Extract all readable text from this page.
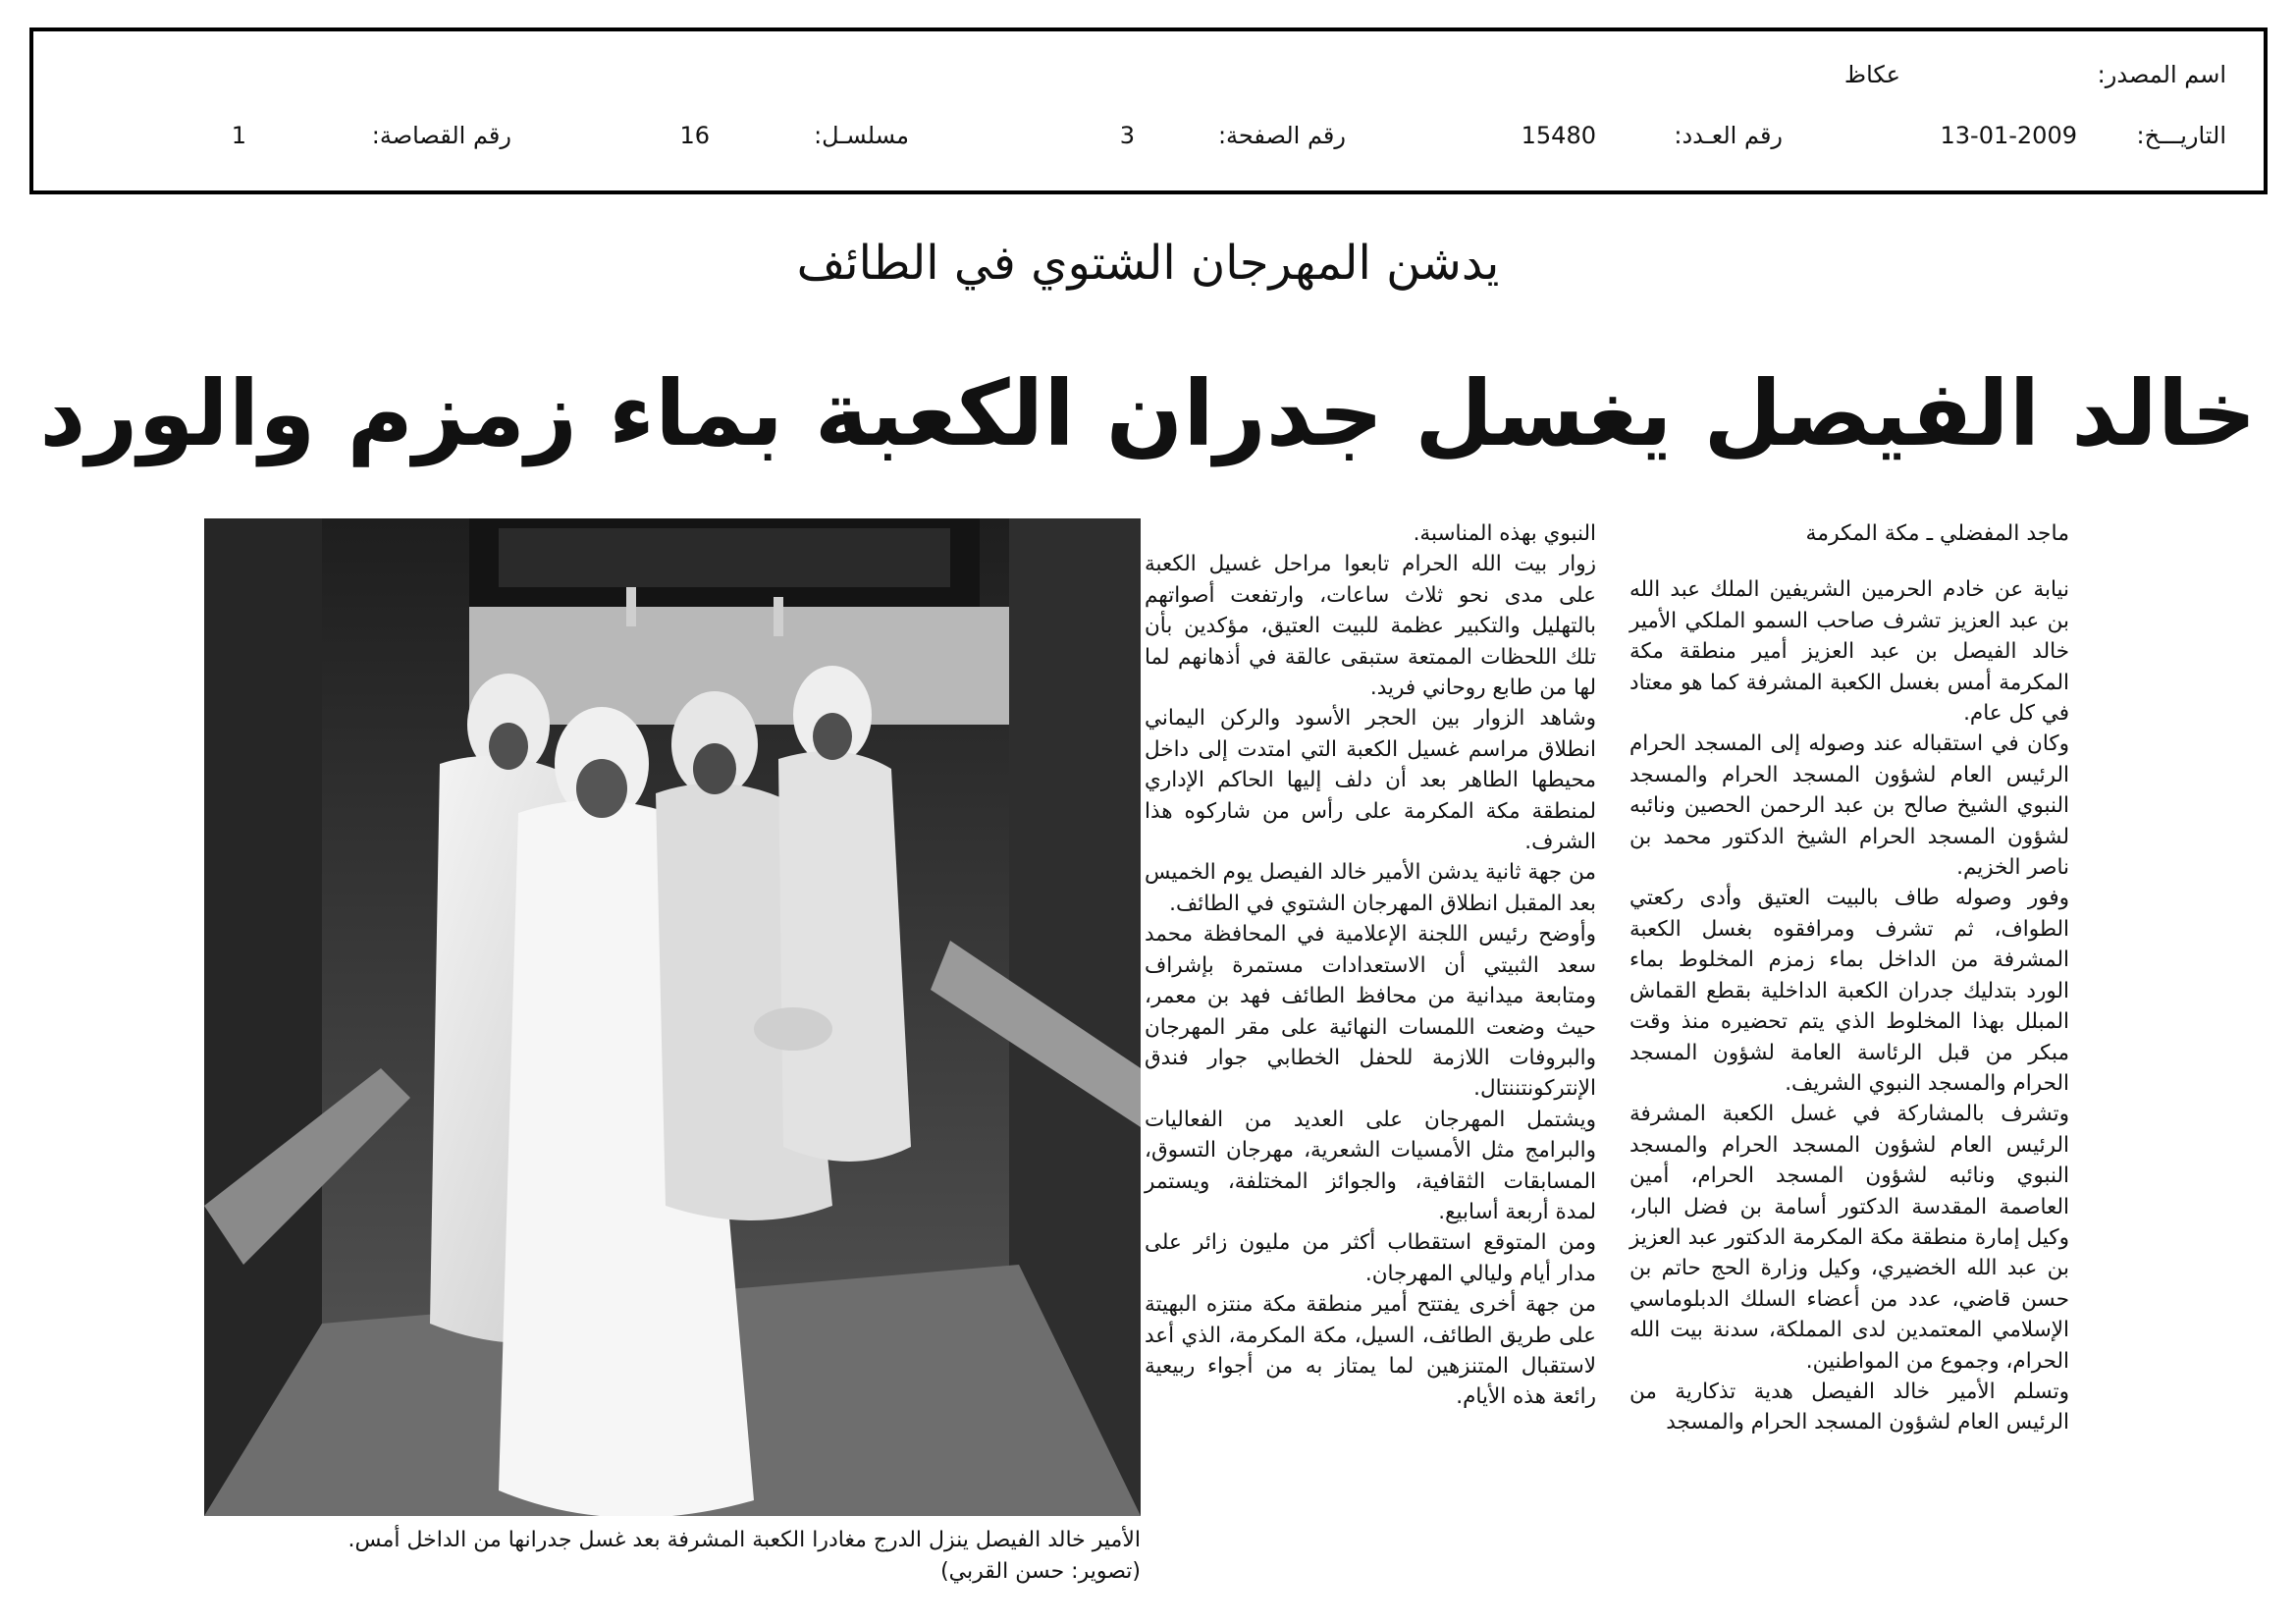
اسم المصدر:
عكاظ
التاريـــخ:
13-01-2009
رقم العـدد:
15480
رقم الصفحة:
3
مسلسـل:
16
رقم القصاصة:
1
يدشن المهرجان الشتوي في الطائف
خالد الفيصل يغسل جدران الكعبة بماء زمزم والورد
ماجد المفضلي ـ مكة المكرمة

نيابة عن خادم الحرمين الشريفين الملك عبد الله بن عبد العزيز تشرف صاحب السمو الملكي الأمير خالد الفيصل بن عبد العزيز أمير منطقة مكة المكرمة أمس بغسل الكعبة المشرفة كما هو معتاد في كل عام.

وكان في استقباله عند وصوله إلى المسجد الحرام الرئيس العام لشؤون المسجد الحرام والمسجد النبوي الشيخ صالح بن عبد الرحمن الحصين ونائبه لشؤون المسجد الحرام الشيخ الدكتور محمد بن ناصر الخزيم.

وفور وصوله طاف بالبيت العتيق وأدى ركعتي الطواف، ثم تشرف ومرافقوه بغسل الكعبة المشرفة من الداخل بماء زمزم المخلوط بماء الورد بتدليك جدران الكعبة الداخلية بقطع القماش المبلل بهذا المخلوط الذي يتم تحضيره منذ وقت مبكر من قبل الرئاسة العامة لشؤون المسجد الحرام والمسجد النبوي الشريف.

وتشرف بالمشاركة في غسل الكعبة المشرفة الرئيس العام لشؤون المسجد الحرام والمسجد النبوي ونائبه لشؤون المسجد الحرام، أمين العاصمة المقدسة الدكتور أسامة بن فضل البار، وكيل إمارة منطقة مكة المكرمة الدكتور عبد العزيز بن عبد الله الخضيري، وكيل وزارة الحج حاتم بن حسن قاضي، عدد من أعضاء السلك الدبلوماسي الإسلامي المعتمدين لدى المملكة، سدنة بيت الله الحرام، وجموع من المواطنين.

وتسلم الأمير خالد الفيصل هدية تذكارية من الرئيس العام لشؤون المسجد الحرام والمسجد

النبوي بهذه المناسبة.

زوار بيت الله الحرام تابعوا مراحل غسيل الكعبة على مدى نحو ثلاث ساعات، وارتفعت أصواتهم بالتهليل والتكبير عظمة للبيت العتيق، مؤكدين بأن تلك اللحظات الممتعة ستبقى عالقة في أذهانهم لما لها من طابع روحاني فريد.

وشاهد الزوار بين الحجر الأسود والركن اليماني انطلاق مراسم غسيل الكعبة التي امتدت إلى داخل محيطها الطاهر بعد أن دلف إليها الحاكم الإداري لمنطقة مكة المكرمة على رأس من شاركوه هذا الشرف.

من جهة ثانية يدشن الأمير خالد الفيصل يوم الخميس بعد المقبل انطلاق المهرجان الشتوي في الطائف.

وأوضح رئيس اللجنة الإعلامية في المحافظة محمد سعد الثبيتي أن الاستعدادات مستمرة بإشراف ومتابعة ميدانية من محافظ الطائف فهد بن معمر، حيث وضعت اللمسات النهائية على مقر المهرجان والبروفات اللازمة للحفل الخطابي جوار فندق الإنتركونتننتال.

ويشتمل المهرجان على العديد من الفعاليات والبرامج مثل الأمسيات الشعرية، مهرجان التسوق، المسابقات الثقافية، والجوائز المختلفة، ويستمر لمدة أربعة أسابيع.

ومن المتوقع استقطاب أكثر من مليون زائر على مدار أيام وليالي المهرجان.

من جهة أخرى يفتتح أمير منطقة مكة منتزه البهيتة على طريق الطائف، السيل، مكة المكرمة، الذي أعد لاستقبال المتنزهين لما يمتاز به من أجواء ربيعية رائعة هذه الأيام.

الأمير خالد الفيصل ينزل الدرج مغادرا الكعبة المشرفة بعد غسل جدرانها من الداخل أمس.
(تصوير: حسن القربي)
